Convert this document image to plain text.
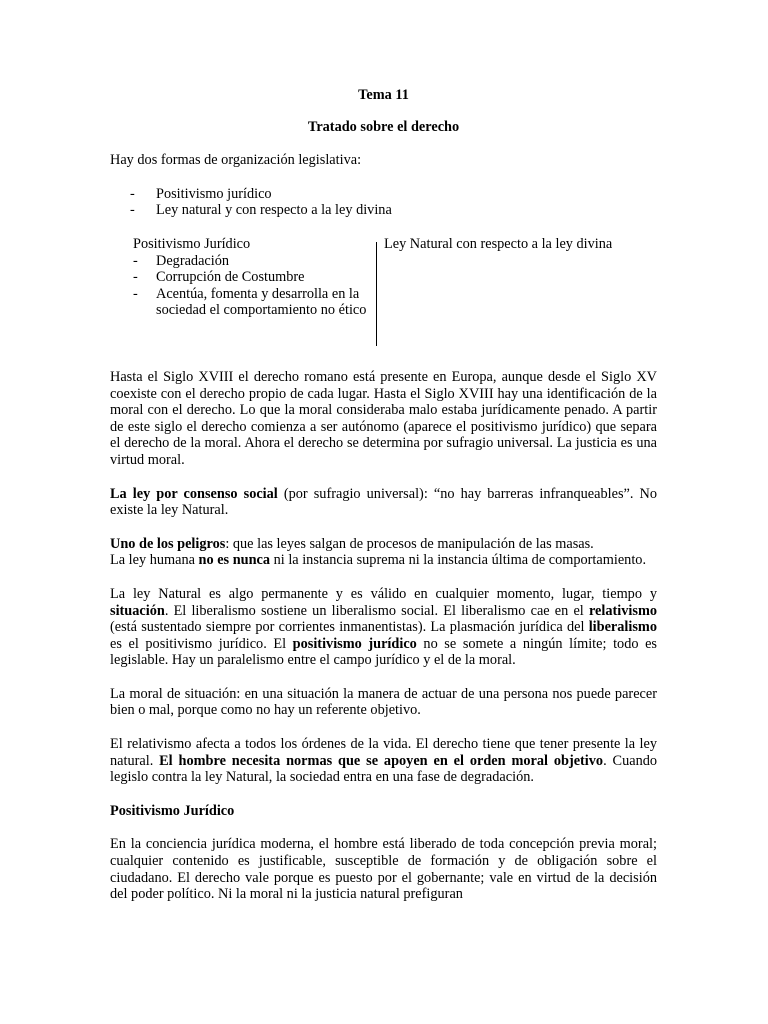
Tema 11

Tratado sobre el derecho

Hay dos formas de organización legislativa:

- Positivismo jurídico
- Ley natural y con respecto a la ley divina
Positivismo Jurídico
- Degradación
- Corrupción de Costumbre
- Acentúa, fomenta y desarrolla en la sociedad el comportamiento no ético
Ley Natural con respecto a la ley divina

Hasta el Siglo XVIII el derecho romano está presente en Europa, aunque desde el Siglo XV coexiste con el derecho propio de cada lugar. Hasta el Siglo XVIII hay una identificación de la moral con el derecho. Lo que la moral consideraba malo estaba jurídicamente penado. A partir de este siglo el derecho comienza a ser autónomo (aparece el positivismo jurídico) que separa el derecho de la moral. Ahora el derecho se determina por sufragio universal. La justicia es una virtud moral.

La ley por consenso social (por sufragio universal): “no hay barreras infranqueables”. No existe la ley Natural.

Uno de los peligros: que las leyes salgan de procesos de manipulación de las masas.
La ley humana no es nunca ni la instancia suprema ni la instancia última de comportamiento.

La ley Natural es algo permanente y es válido en cualquier momento, lugar, tiempo y situación. El liberalismo sostiene un liberalismo social. El liberalismo cae en el relativismo (está sustentado siempre por corrientes inmanentistas). La plasmación jurídica del liberalismo es el positivismo jurídico. El positivismo jurídico no se somete a ningún límite; todo es legislable. Hay un paralelismo entre el campo jurídico y el de la moral.

La moral de situación: en una situación la manera de actuar de una persona nos puede parecer bien o mal, porque como no hay un referente objetivo.

El relativismo afecta a todos los órdenes de la vida. El derecho tiene que tener presente la ley natural. El hombre necesita normas que se apoyen en el orden moral objetivo. Cuando legislo contra la ley Natural, la sociedad entra en una fase de degradación.

Positivismo Jurídico

En la conciencia jurídica moderna, el hombre está liberado de toda concepción previa moral; cualquier contenido es justificable, susceptible de formación y de obligación sobre el ciudadano. El derecho vale porque es puesto por el gobernante; vale en virtud de la decisión del poder político. Ni la moral ni la justicia natural prefiguran
